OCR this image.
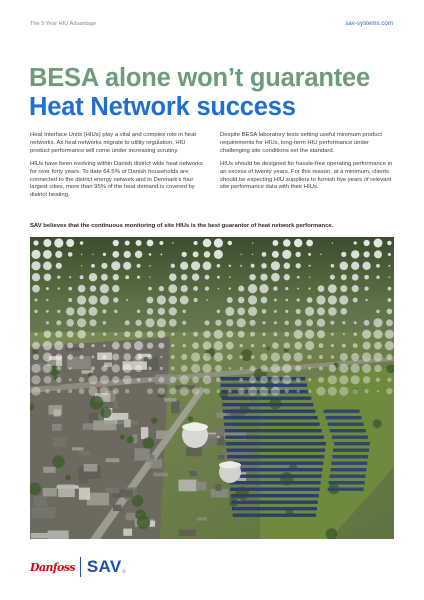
The 5 Year HIU Advantage	sav-systems.com
BESA alone won’t guarantee
Heat Network success

Heat Interface Units (HIUs) play a vital and complex role in heat networks. As heat networks migrate to utility regulation, HIU product performance will come under increasing scrutiny.

HIUs have been evolving within Danish district wide heat networks for over forty years. To date 64.5% of Danish households are connected to the district energy network and in Denmark’s four largest cities, more than 95% of the heat demand is covered by district heating.

Despite BESA laboratory tests setting useful minimum product requirements for HIUs, long-term HIU performance under challenging site conditions set the standard.

HIUs should be designed for hassle-free operating performance in an excess of twenty years. For this reason, at a minimum, clients should be expecting HIU suppliers to furnish five years of relevant site performance data with their HIUs.

SAV believes that the continuous monitoring of site HIUs is the best guarantor of heat network performance.
Danfoss SAV ᴳ
